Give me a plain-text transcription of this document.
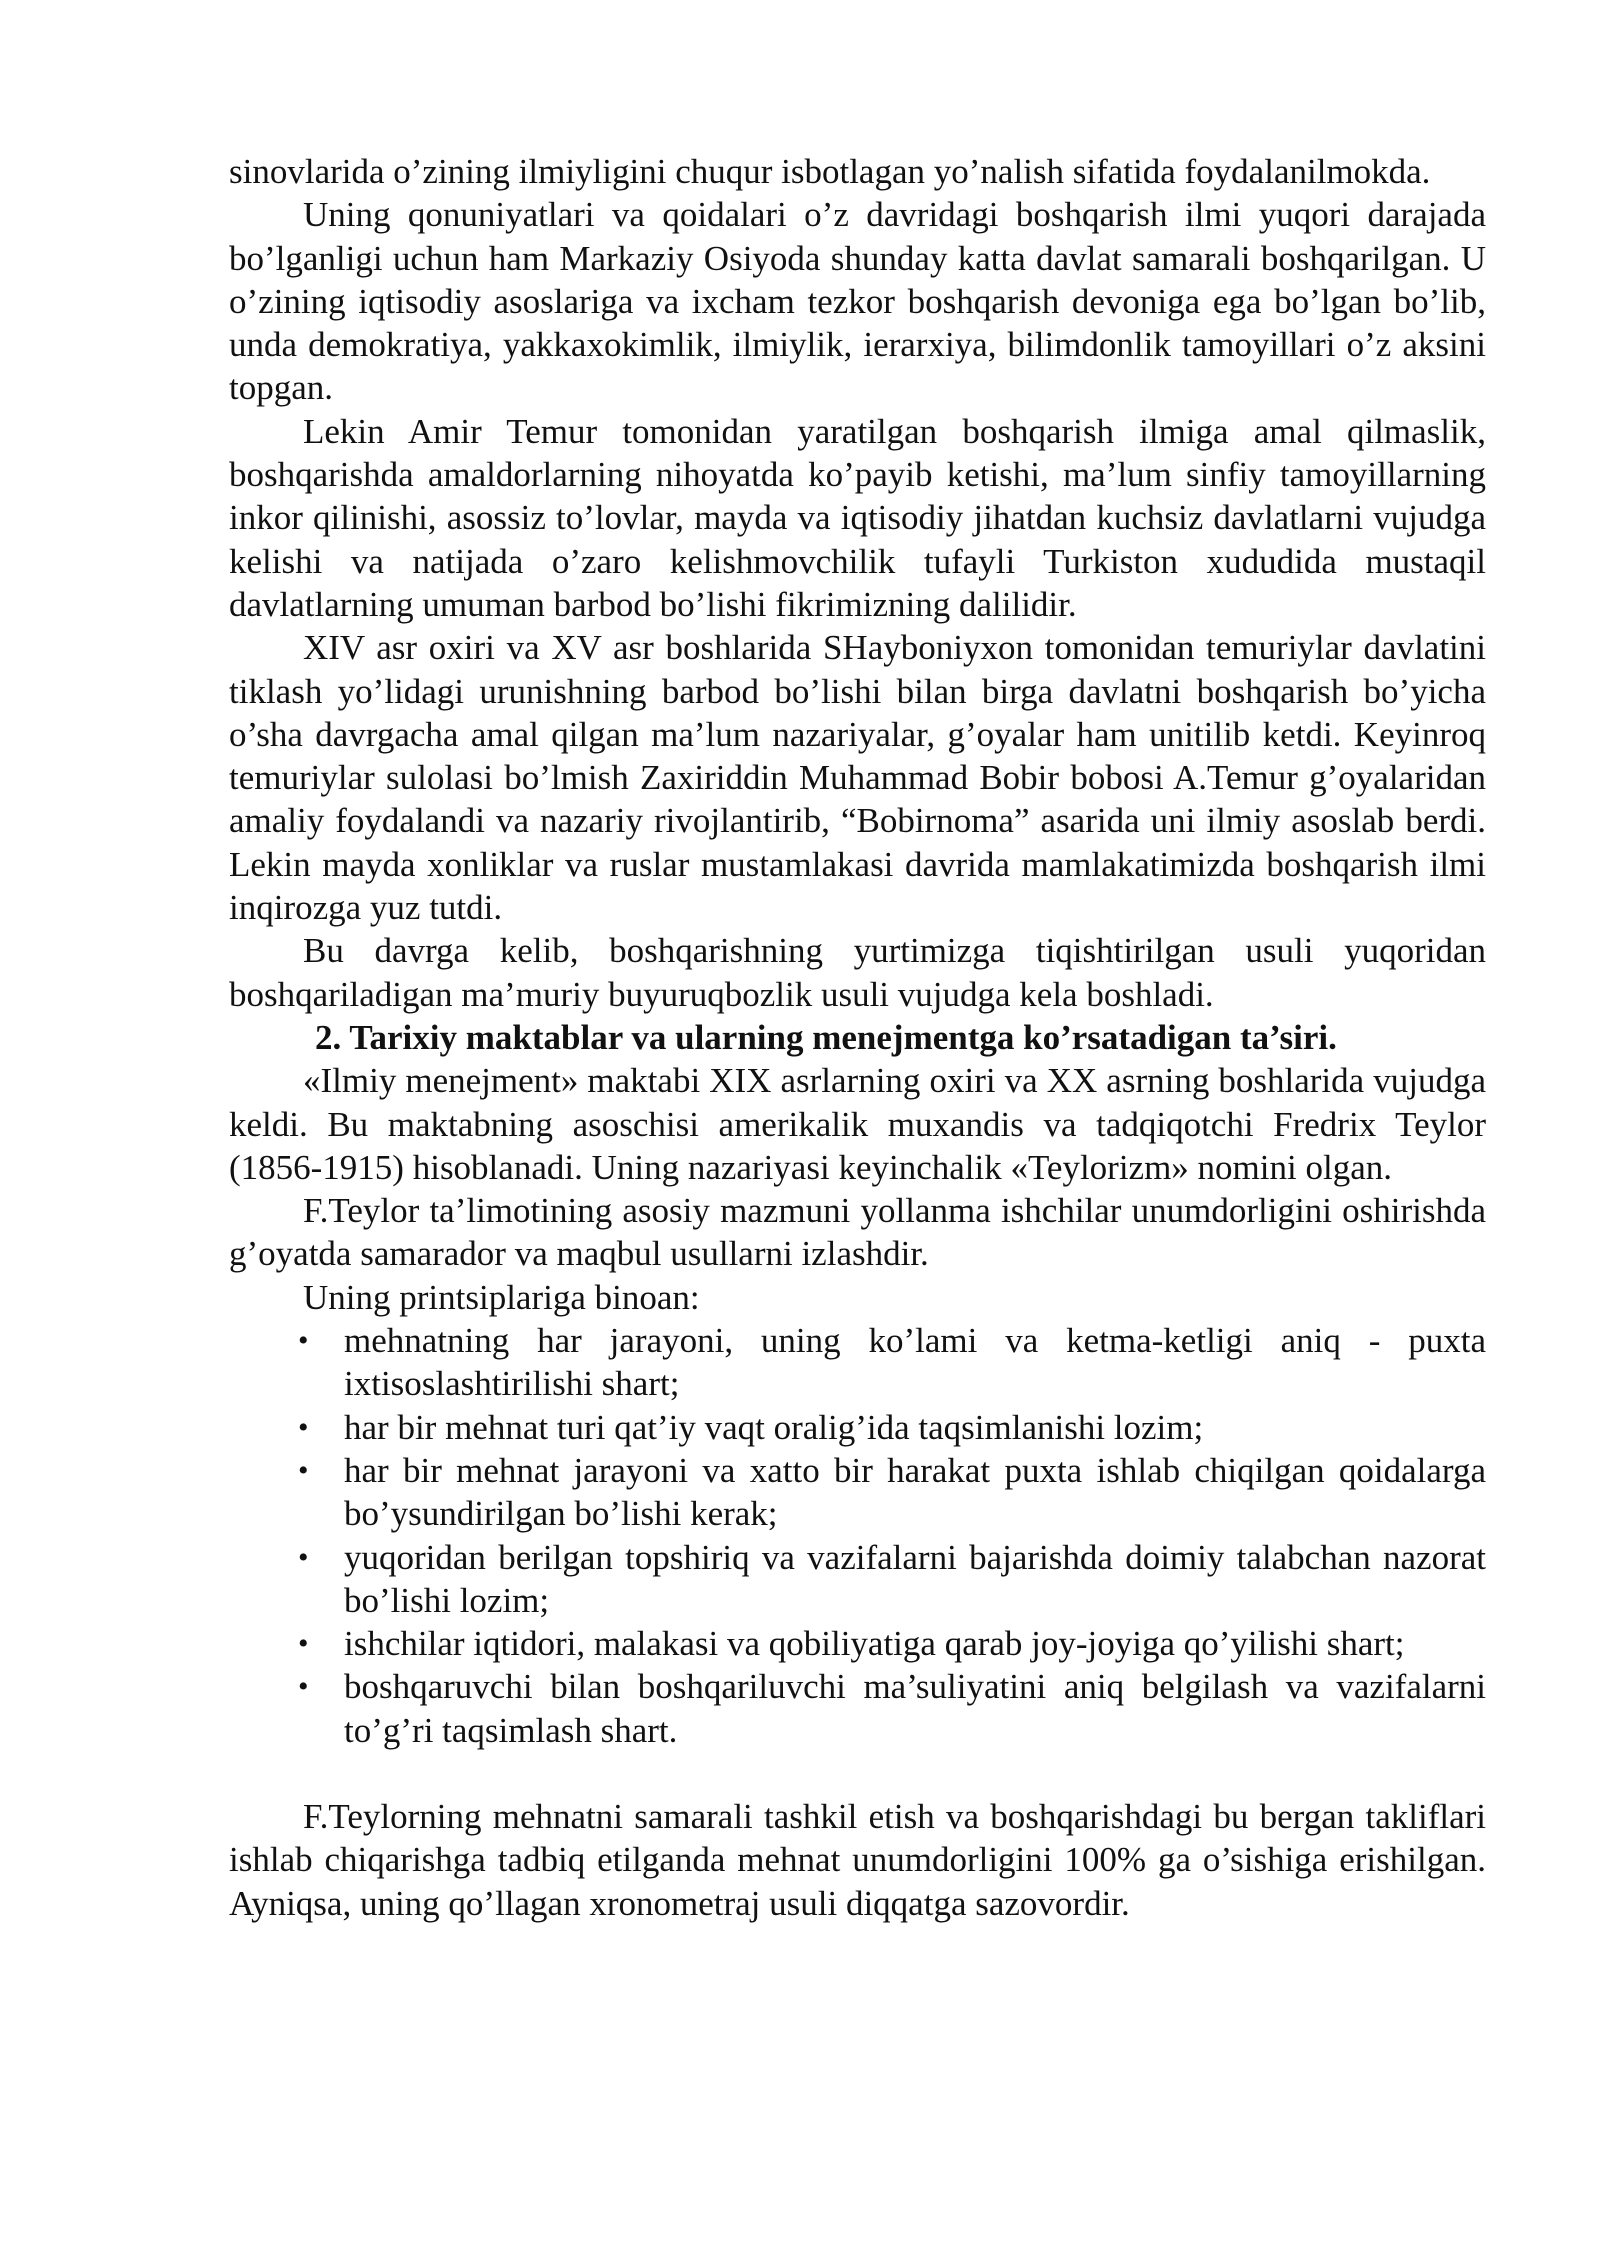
sinovlarida o’zining ilmiyligini chuqur isbotlagan yo’nalish sifatida foydalanilmokda.

Uning qonuniyatlari va qoidalari o’z davridagi boshqarish ilmi yuqori darajada bo’lganligi uchun ham Markaziy Osiyoda shunday katta davlat samarali boshqarilgan. U o’zining iqtisodiy asoslariga va ixcham tezkor boshqarish devoniga ega bo’lgan bo’lib, unda demokratiya, yakkaxokimlik, ilmiylik, ierarxiya, bilimdonlik tamoyillari o’z aksini topgan.

Lekin Amir Temur tomonidan yaratilgan boshqarish ilmiga amal qilmaslik, boshqarishda amaldorlarning nihoyatda ko’payib ketishi, ma’lum sinfiy tamoyillarning inkor qilinishi, asossiz to’lovlar, mayda va iqtisodiy jihatdan kuchsiz davlatlarni vujudga kelishi va natijada o’zaro kelishmovchilik tufayli Turkiston xududida mustaqil davlatlarning umuman barbod bo’lishi fikrimizning dalilidir.

XIV asr oxiri va XV asr boshlarida SHayboniyxon tomonidan temuriylar davlatini tiklash yo’lidagi urunishning barbod bo’lishi bilan birga davlatni boshqarish bo’yicha o’sha davrgacha amal qilgan ma’lum nazariyalar, g’oyalar ham unitilib ketdi. Keyinroq temuriylar sulolasi bo’lmish Zaxiriddin Muhammad Bobir bobosi A.Temur g’oyalaridan amaliy foydalandi va nazariy rivojlantirib, “Bobirnoma” asarida uni ilmiy asoslab berdi. Lekin mayda xonliklar va ruslar mustamlakasi davrida mamlakatimizda boshqarish ilmi inqirozga yuz tutdi.

Bu davrga kelib, boshqarishning yurtimizga tiqishtirilgan usuli yuqoridan boshqariladigan ma’muriy buyuruqbozlik usuli vujudga kela boshladi.

2. Tarixiy maktablar va ularning menejmentga ko’rsatadigan ta’siri.

«Ilmiy menejment» maktabi XIX asrlarning oxiri va XX asrning boshlarida vujudga keldi. Bu maktabning asoschisi amerikalik muxandis va tadqiqotchi Fredrix Teylor (1856-1915) hisoblanadi. Uning nazariyasi keyinchalik «Teylorizm» nomini olgan.

F.Teylor ta’limotining asosiy mazmuni yollanma ishchilar unumdorligini oshirishda g’oyatda samarador va maqbul usullarni izlashdir.

Uning printsiplariga binoan:

• mehnatning har jarayoni, uning ko’lami va ketma-ketligi aniq - puxta ixtisoslashtirilishi shart;
• har bir mehnat turi qat’iy vaqt oralig’ida taqsimlanishi lozim;
• har bir mehnat jarayoni va xatto bir harakat puxta ishlab chiqilgan qoidalarga bo’ysundirilgan bo’lishi kerak;
• yuqoridan berilgan topshiriq va vazifalarni bajarishda doimiy talabchan nazorat bo’lishi lozim;
• ishchilar iqtidori, malakasi va qobiliyatiga qarab joy-joyiga qo’yilishi shart;
• boshqaruvchi bilan boshqariluvchi ma’suliyatini aniq belgilash va vazifalarni to’g’ri taqsimlash shart.

F.Teylorning mehnatni samarali tashkil etish va boshqarishdagi bu bergan takliflari ishlab chiqarishga tadbiq etilganda mehnat unumdorligini 100% ga o’sishiga erishilgan. Ayniqsa, uning qo’llagan xronometraj usuli diqqatga sazovordir.
